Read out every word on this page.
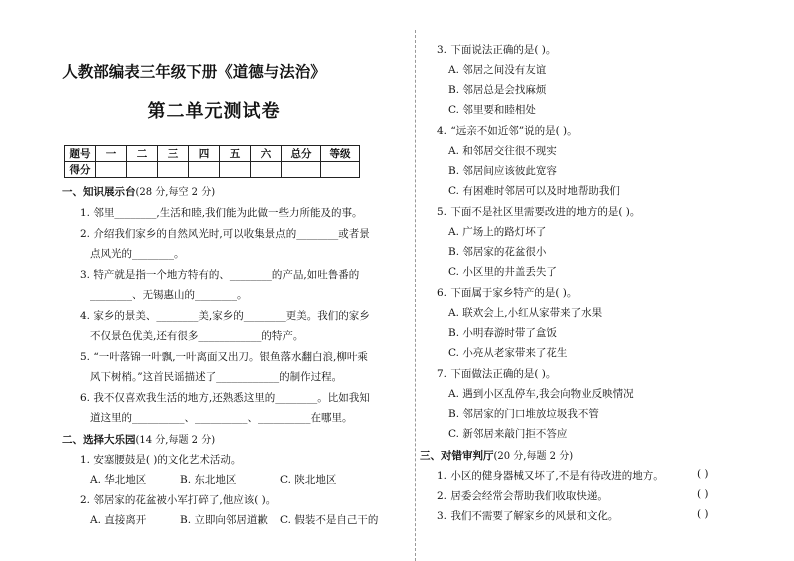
人教部编表三年级下册《道德与法治》
第二单元测试卷
题号	一	二	三	四	五	六	总分	等级
得分								
一、知识展示台(28 分,每空 2 分)
1. 邻里________,生活和睦,我们能为此做一些力所能及的事。
2. 介绍我们家乡的自然风光时,可以收集景点的________或者景
点风光的________。
3. 特产就是指一个地方特有的、________的产品,如吐鲁番的
________、无锡惠山的________。
4. 家乡的景美、________美,家乡的________更美。我们的家乡
不仅景色优美,还有很多____________的特产。
5. “一叶落锦一叶飘,一叶离面又出刀。银鱼落水翻白浪,柳叶乘
风下树梢。”这首民谣描述了____________的制作过程。
6. 我不仅喜欢我生活的地方,还熟悉这里的________。比如我知
道这里的__________、__________、__________在哪里。
二、选择大乐园(14 分,每题 2 分)
1. 安塞腰鼓是( )的文化艺术活动。
A. 华北地区	B. 东北地区	C. 陕北地区
2. 邻居家的花盆被小军打碎了,他应该( )。
A. 直接离开	B. 立即向邻居道歉 C. 假装不是自己干的
3. 下面说法正确的是( )。
A. 邻居之间没有友谊
B. 邻居总是会找麻烦
C. 邻里要和睦相处
4. “远亲不如近邻”说的是( )。
A. 和邻居交往很不现实
B. 邻居间应该彼此宽容
C. 有困难时邻居可以及时地帮助我们
5. 下面不是社区里需要改进的地方的是( )。
A. 广场上的路灯坏了
B. 邻居家的花盆很小
C. 小区里的井盖丢失了
6. 下面属于家乡特产的是( )。
A. 联欢会上,小红从家带来了水果
B. 小明春游时带了盒饭
C. 小亮从老家带来了花生
7. 下面做法正确的是( )。
A. 遇到小区乱停车,我会向物业反映情况
B. 邻居家的门口堆放垃圾我不管
C. 新邻居来敲门拒不答应
三、对错审判厅(20 分,每题 2 分)
1. 小区的健身器械又坏了,不是有待改进的地方。	( )
2. 居委会经常会帮助我们收取快递。	( )
3. 我们不需要了解家乡的风景和文化。	( )
